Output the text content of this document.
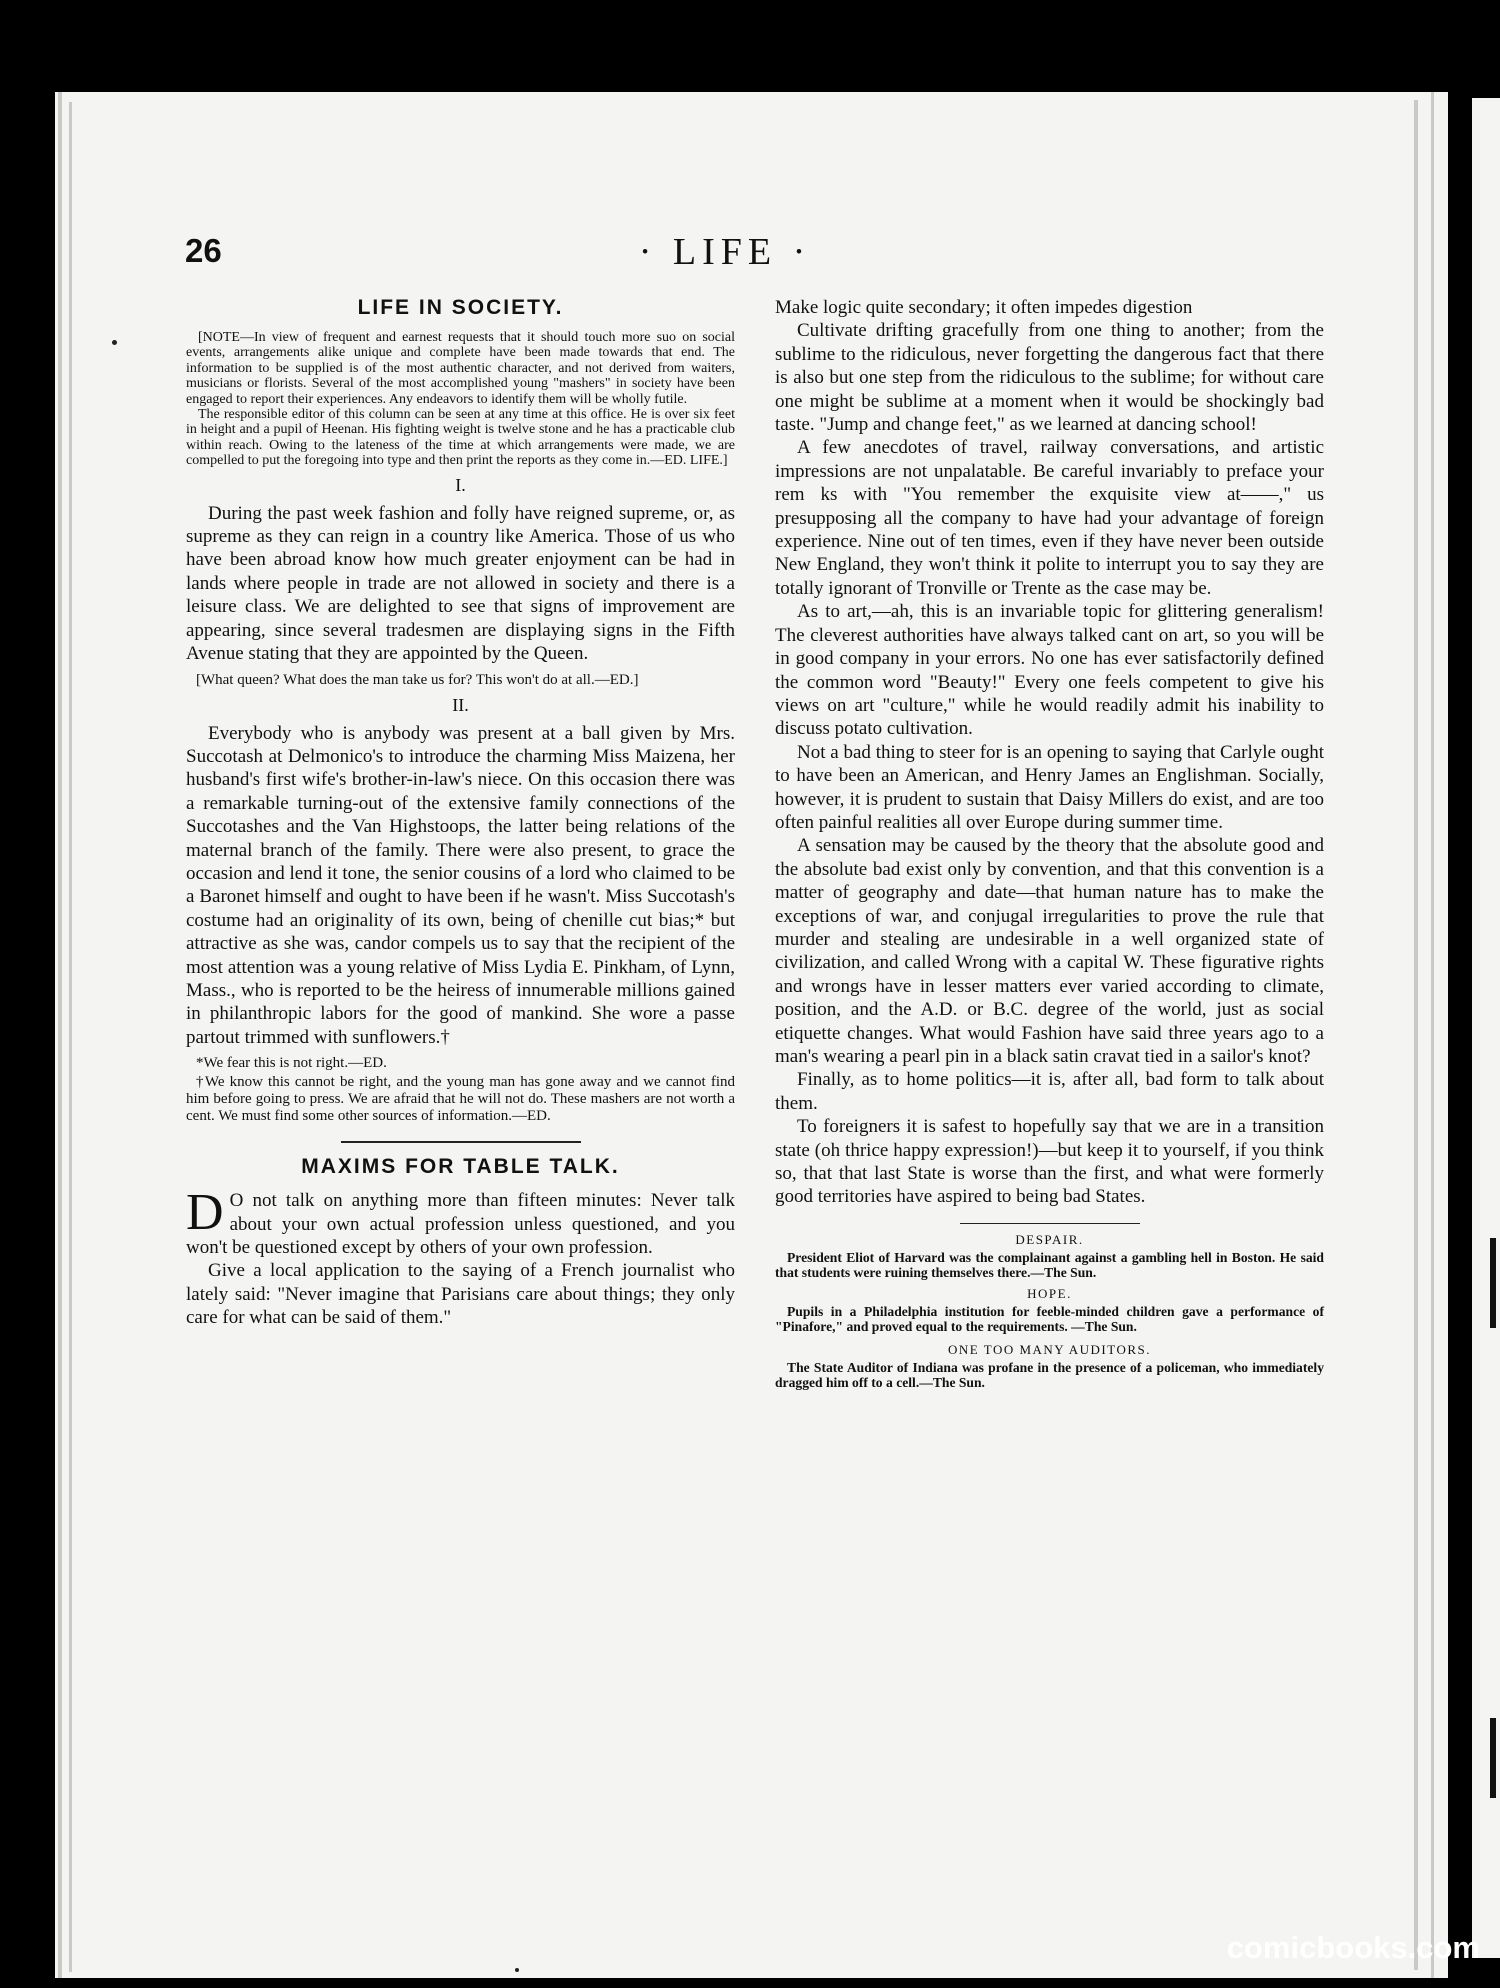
26	· LIFE ·
LIFE IN SOCIETY.

[NOTE—In view of frequent and earnest requests that it should touch more suo on social events, arrangements alike unique and complete have been made towards that end. The information to be supplied is of the most authentic character, and not derived from waiters, musicians or florists. Several of the most accomplished young "mashers" in society have been engaged to report their experiences. Any endeavors to identify them will be wholly futile.

The responsible editor of this column can be seen at any time at this office. He is over six feet in height and a pupil of Heenan. His fighting weight is twelve stone and he has a practicable club within reach. Owing to the lateness of the time at which arrangements were made, we are compelled to put the foregoing into type and then print the reports as they come in.—ED. LIFE.]

I.

During the past week fashion and folly have reigned supreme, or, as supreme as they can reign in a country like America. Those of us who have been abroad know how much greater enjoyment can be had in lands where people in trade are not allowed in society and there is a leisure class. We are delighted to see that signs of improvement are appearing, since several tradesmen are displaying signs in the Fifth Avenue stating that they are appointed by the Queen.

[What queen? What does the man take us for? This won't do at all.—ED.]

II.

Everybody who is anybody was present at a ball given by Mrs. Succotash at Delmonico's to introduce the charming Miss Maizena, her husband's first wife's brother-in-law's niece. On this occasion there was a remarkable turning-out of the extensive family connections of the Succotashes and the Van Highstoops, the latter being relations of the maternal branch of the family. There were also present, to grace the occasion and lend it tone, the senior cousins of a lord who claimed to be a Baronet himself and ought to have been if he wasn't. Miss Succotash's costume had an originality of its own, being of chenille cut bias;* but attractive as she was, candor compels us to say that the recipient of the most attention was a young relative of Miss Lydia E. Pinkham, of Lynn, Mass., who is reported to be the heiress of innumerable millions gained in philanthropic labors for the good of mankind. She wore a passe partout trimmed with sunflowers.†

*We fear this is not right.—ED.

†We know this cannot be right, and the young man has gone away and we cannot find him before going to press. We are afraid that he will not do. These mashers are not worth a cent. We must find some other sources of information.—ED.

MAXIMS FOR TABLE TALK.

D O not talk on anything more than fifteen minutes: Never talk about your own actual profession unless questioned, and you won't be questioned except by others of your own profession.

Give a local application to the saying of a French journalist who lately said: "Never imagine that Parisians care about things; they only care for what can be said of them."

Make logic quite secondary; it often impedes digestion

Cultivate drifting gracefully from one thing to another; from the sublime to the ridiculous, never forgetting the dangerous fact that there is also but one step from the ridiculous to the sublime; for without care one might be sublime at a moment when it would be shockingly bad taste. "Jump and change feet," as we learned at dancing school!

A few anecdotes of travel, railway conversations, and artistic impressions are not unpalatable. Be careful invariably to preface your rem ks with "You remember the exquisite view at——," us presupposing all the company to have had your advantage of foreign experience. Nine out of ten times, even if they have never been outside New England, they won't think it polite to interrupt you to say they are totally ignorant of Tronville or Trente as the case may be.

As to art,—ah, this is an invariable topic for glittering generalism! The cleverest authorities have always talked cant on art, so you will be in good company in your errors. No one has ever satisfactorily defined the common word "Beauty!" Every one feels competent to give his views on art "culture," while he would readily admit his inability to discuss potato cultivation.

Not a bad thing to steer for is an opening to saying that Carlyle ought to have been an American, and Henry James an Englishman. Socially, however, it is prudent to sustain that Daisy Millers do exist, and are too often painful realities all over Europe during summer time.

A sensation may be caused by the theory that the absolute good and the absolute bad exist only by convention, and that this convention is a matter of geography and date—that human nature has to make the exceptions of war, and conjugal irregularities to prove the rule that murder and stealing are undesirable in a well organized state of civilization, and called Wrong with a capital W. These figurative rights and wrongs have in lesser matters ever varied according to climate, position, and the A.D. or B.C. degree of the world, just as social etiquette changes. What would Fashion have said three years ago to a man's wearing a pearl pin in a black satin cravat tied in a sailor's knot?

Finally, as to home politics—it is, after all, bad form to talk about them.

To foreigners it is safest to hopefully say that we are in a transition state (oh thrice happy expression!)—but keep it to yourself, if you think so, that that last State is worse than the first, and what were formerly good territories have aspired to being bad States.

DESPAIR.

President Eliot of Harvard was the complainant against a gambling hell in Boston. He said that students were ruining themselves there.—The Sun.

HOPE.

Pupils in a Philadelphia institution for feeble-minded children gave a performance of "Pinafore," and proved equal to the requirements. —The Sun.

ONE TOO MANY AUDITORS.

The State Auditor of Indiana was profane in the presence of a policeman, who immediately dragged him off to a cell.—The Sun.

comicbooks.com
